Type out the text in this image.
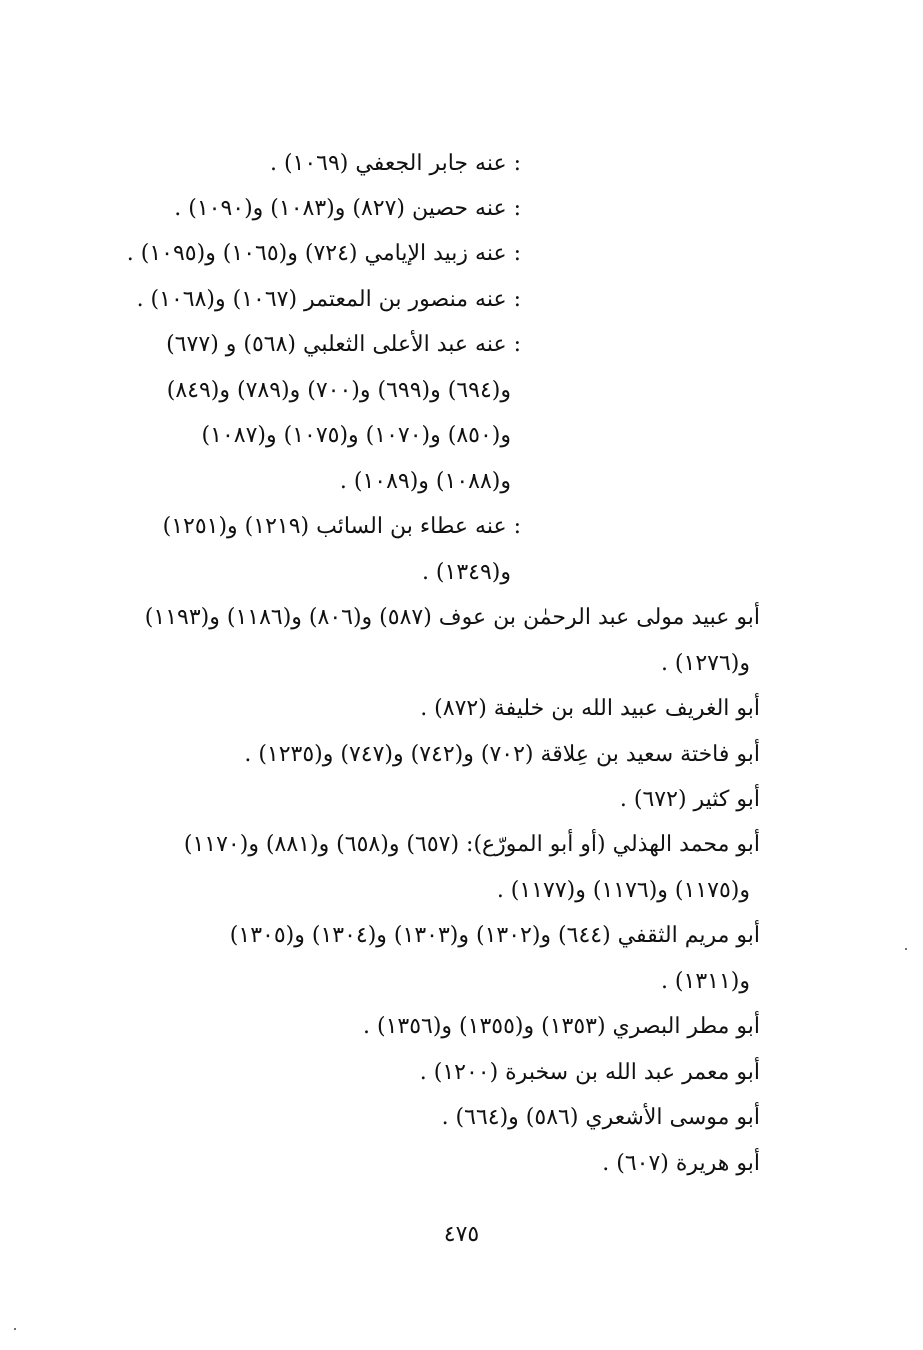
: عنه جابر الجعفي (١٠٦٩) .
: عنه حصين (٨٢٧) و(١٠٨٣) و(١٠٩٠) .
: عنه زبيد الإيامي (٧٢٤) و(١٠٦٥) و(١٠٩٥) .
: عنه منصور بن المعتمر (١٠٦٧) و(١٠٦٨) .
: عنه عبد الأعلى الثعلبي (٥٦٨) و (٦٧٧)
و(٦٩٤) و(٦٩٩) و(٧٠٠) و(٧٨٩) و(٨٤٩)
و(٨٥٠) و(١٠٧٠) و(١٠٧٥) و(١٠٨٧)
و(١٠٨٨) و(١٠٨٩) .
: عنه عطاء بن السائب (١٢١٩) و(١٢٥١)
و(١٣٤٩) .
أبو عبيد مولى عبد الرحمٰن بن عوف (٥٨٧) و(٨٠٦) و(١١٨٦) و(١١٩٣)
و(١٢٧٦) .
أبو الغريف عبيد الله بن خليفة (٨٧٢) .
أبو فاختة سعيد بن عِلاقة (٧٠٢) و(٧٤٢) و(٧٤٧) و(١٢٣٥) .
أبو كثير (٦٧٢) .
أبو محمد الهذلي (أو أبو المورّع): (٦٥٧) و(٦٥٨) و(٨٨١) و(١١٧٠)
و(١١٧٥) و(١١٧٦) و(١١٧٧) .
أبو مريم الثقفي (٦٤٤) و(١٣٠٢) و(١٣٠٣) و(١٣٠٤) و(١٣٠٥)
و(١٣١١) .
أبو مطر البصري (١٣٥٣) و(١٣٥٥) و(١٣٥٦) .
أبو معمر عبد الله بن سخبرة (١٢٠٠) .
أبو موسى الأشعري (٥٨٦) و(٦٦٤) .
أبو هريرة (٦٠٧) .
٤٧٥
